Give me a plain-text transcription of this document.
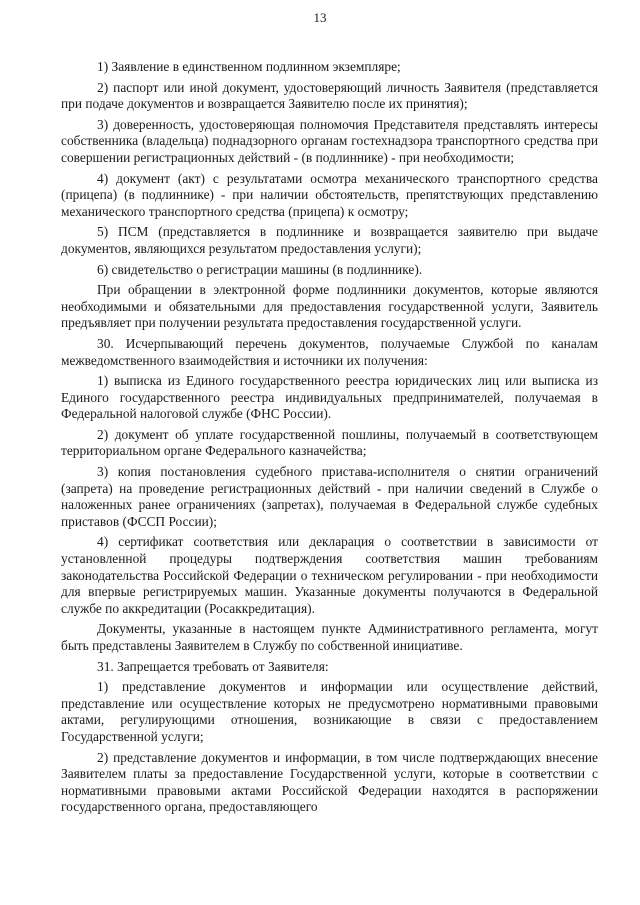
13

1) Заявление в единственном подлинном экземпляре;

2) паспорт или иной документ, удостоверяющий личность Заявителя (представляется при подаче документов и возвращается Заявителю после их принятия);

3) доверенность, удостоверяющая полномочия Представителя представлять интересы собственника (владельца) поднадзорного органам гостехнадзора транспортного средства при совершении регистрационных действий - (в подлиннике) - при необходимости;

4) документ (акт) с результатами осмотра механического транспортного средства (прицепа) (в подлиннике) - при наличии обстоятельств, препятствующих представлению механического транспортного средства (прицепа) к осмотру;

5) ПСМ (представляется в подлиннике и возвращается заявителю при выдаче документов, являющихся результатом предоставления услуги);

6) свидетельство о регистрации машины (в подлиннике).

При обращении в электронной форме подлинники документов, которые являются необходимыми и обязательными для предоставления государственной услуги, Заявитель предъявляет при получении результата предоставления государственной услуги.

30. Исчерпывающий перечень документов, получаемые Службой по каналам межведомственного взаимодействия и источники их получения:

1) выписка из Единого государственного реестра юридических лиц или выписка из Единого государственного реестра индивидуальных предпринимателей, получаемая в Федеральной налоговой службе (ФНС России).

2) документ об уплате государственной пошлины, получаемый в соответствующем территориальном органе Федерального казначейства;

3) копия постановления судебного пристава-исполнителя о снятии ограничений (запрета) на проведение регистрационных действий - при наличии сведений в Службе о наложенных ранее ограничениях (запретах), получаемая в Федеральной службе судебных приставов (ФССП России);

4) сертификат соответствия или декларация о соответствии в зависимости от установленной процедуры подтверждения соответствия машин требованиям законодательства Российской Федерации о техническом регулировании - при необходимости для впервые регистрируемых машин. Указанные документы получаются в Федеральной службе по аккредитации (Росаккредитация).

Документы, указанные в настоящем пункте Административного регламента, могут быть представлены Заявителем в Службу по собственной инициативе.

31. Запрещается требовать от Заявителя:

1) представление документов и информации или осуществление действий, представление или осуществление которых не предусмотрено нормативными правовыми актами, регулирующими отношения, возникающие в связи с предоставлением Государственной услуги;

2) представление документов и информации, в том числе подтверждающих внесение Заявителем платы за предоставление Государственной услуги, которые в соответствии с нормативными правовыми актами Российской Федерации находятся в распоряжении государственного органа, предоставляющего
